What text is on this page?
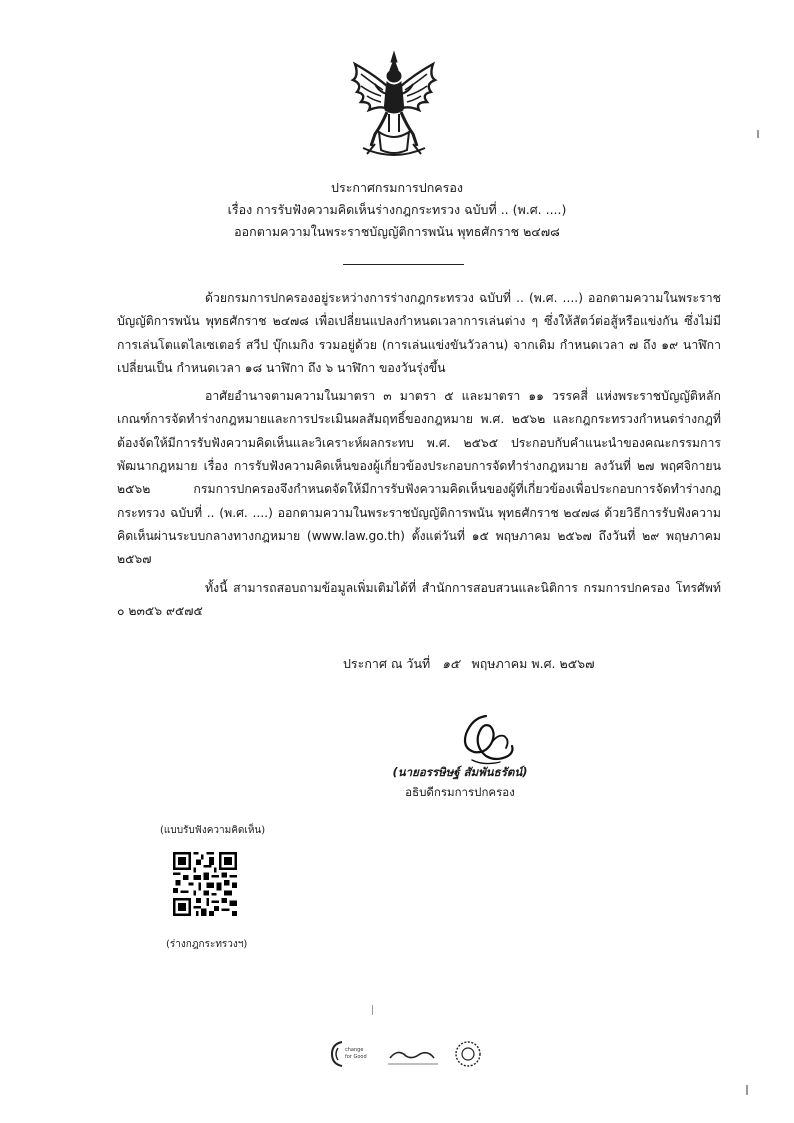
ประกาศกรมการปกครอง
เรื่อง การรับฟังความคิดเห็นร่างกฎกระทรวง ฉบับที่ .. (พ.ศ. ....)
ออกตามความในพระราชบัญญัติการพนัน พุทธศักราช ๒๔๗๘

ด้วยกรมการปกครองอยู่ระหว่างการร่างกฎกระทรวง ฉบับที่ .. (พ.ศ. ....) ออกตามความในพระราชบัญญัติการพนัน พุทธศักราช ๒๔๗๘ เพื่อเปลี่ยนแปลงกำหนดเวลาการเล่นต่าง ๆ ซึ่งให้สัตว์ต่อสู้หรือแข่งกัน ซึ่งไม่มีการเล่นโตแตไลเซเตอร์ สวีป บุ๊กเมกิง รวมอยู่ด้วย (การเล่นแข่งขันวัวลาน) จากเดิม กำหนดเวลา ๗ ถึง ๑๙ นาฬิกา เปลี่ยนเป็น กำหนดเวลา ๑๘ นาฬิกา ถึง ๖ นาฬิกา ของวันรุ่งขึ้น

อาศัยอำนาจตามความในมาตรา ๓ มาตรา ๕ และมาตรา ๑๑ วรรคสี่ แห่งพระราชบัญญัติหลักเกณฑ์การจัดทำร่างกฎหมายและการประเมินผลสัมฤทธิ์ของกฎหมาย พ.ศ. ๒๕๖๒ และกฎกระทรวงกำหนดร่างกฎที่ต้องจัดให้มีการรับฟังความคิดเห็นและวิเคราะห์ผลกระทบ พ.ศ. ๒๕๖๕ ประกอบกับคำแนะนำของคณะกรรมการพัฒนากฎหมาย เรื่อง การรับฟังความคิดเห็นของผู้เกี่ยวข้องประกอบการจัดทำร่างกฎหมาย ลงวันที่ ๒๗ พฤศจิกายน ๒๕๖๒ กรมการปกครองจึงกำหนดจัดให้มีการรับฟังความคิดเห็นของผู้ที่เกี่ยวข้องเพื่อประกอบการจัดทำร่างกฎกระทรวง ฉบับที่ .. (พ.ศ. ....) ออกตามความในพระราชบัญญัติการพนัน พุทธศักราช ๒๔๗๘ ด้วยวิธีการรับฟังความคิดเห็นผ่านระบบกลางทางกฎหมาย (www.law.go.th) ตั้งแต่วันที่ ๑๕ พฤษภาคม ๒๕๖๗ ถึงวันที่ ๒๙ พฤษภาคม ๒๕๖๗

ทั้งนี้ สามารถสอบถามข้อมูลเพิ่มเติมได้ที่ สำนักการสอบสวนและนิติการ กรมการปกครอง โทรศัพท์ ๐ ๒๓๕๖ ๙๕๗๕

ประกาศ ณ วันที่ ๑๕ พฤษภาคม พ.ศ. ๒๕๖๗
(นายอรรษิษฐ์ สัมพันธรัตน์)
อธิบดีกรมการปกครอง
(แบบรับฟังความคิดเห็น)
(ร่างกฎกระทรวงฯ)
change
for Good
